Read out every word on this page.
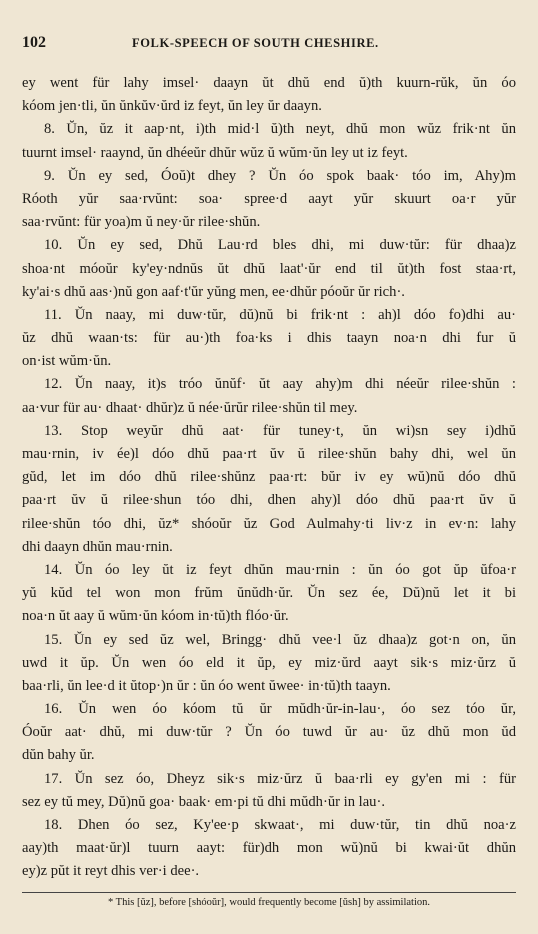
102	FOLK-SPEECH OF SOUTH CHESHIRE.
ey went für lahy imsel· daayn ŭt dhŭ end ŭ)th kuurn-rŭk, ŭn óo
kóom jen·tli, ŭn ŭnkŭv·ŭrd iz feyt, ŭn ley ŭr daayn.
8. Ŭn, ŭz it aap·nt, i)th mid·l ŭ)th neyt, dhŭ mon wŭz frik·nt ŭn
tuurnt imsel· raaynd, ŭn dhéeŭr dhŭr wŭz ŭ wŭm·ŭn ley ut iz feyt.
9. Ŭn ey sed, Óoŭ)t dhey ? Ŭn óo spok baak· tóo im, Ahy)m
Róoth yŭr saa·rvŭnt: soa· spree·d aayt yŭr skuurt oa·r yŭr
saa·rvŭnt: für yoa)m ŭ ney·ŭr rilee·shŭn.
10. Ŭn ey sed, Dhŭ Lau·rd bles dhi, mi duw·tŭr: für dhaa)z
shoa·nt móoŭr ky'ey·ndnŭs ŭt dhŭ laat'·ŭr end til ŭt)th fost staa·rt,
ky'ai·s dhŭ aas·)nŭ gon aaf·t'ŭr yŭng men, ee·dhŭr póoŭr ŭr rich·.
11. Ŭn naay, mi duw·tŭr, dŭ)nŭ bi frik·nt : ah)l dóo fo)dhi au·
ŭz dhŭ waan·ts: für au·)th foa·ks i dhis taayn noa·n dhi fur ŭ
on·ist wŭm·ŭn.
12. Ŭn naay, it)s tróo ŭnŭf· ŭt aay ahy)m dhi néeŭr rilee·shŭn :
aa·vur für au· dhaat· dhŭr)z ŭ née·ŭrŭr rilee·shŭn til mey.
13. Stop weyŭr dhŭ aat· für tuney·t, ŭn wi)sn sey i)dhŭ
mau·rnin, iv ée)l dóo dhŭ paa·rt ŭv ŭ rilee·shŭn bahy dhi, wel ŭn
gŭd, let im dóo dhŭ rilee·shŭnz paa·rt: bŭr iv ey wŭ)nŭ dóo dhŭ
paa·rt ŭv ŭ rilee·shun tóo dhi, dhen ahy)l dóo dhŭ paa·rt ŭv ŭ
rilee·shŭn tóo dhi, ŭz* shóoŭr ŭz God Aulmahy·ti liv·z in ev·n: lahy
dhi daayn dhŭn mau·rnin.
14. Ŭn óo ley ŭt iz feyt dhŭn mau·rnin : ŭn óo got ŭp ŭfoa·r
yŭ kŭd tel won mon frŭm ŭnŭdh·ŭr. Ŭn sez ée, Dŭ)nŭ let it bi
noa·n ŭt aay ŭ wŭm·ŭn kóom in·tŭ)th flóo·ŭr.
15. Ŭn ey sed ŭz wel, Bringg· dhŭ vee·l ŭz dhaa)z got·n on, ŭn
uwd it ŭp. Ŭn wen óo eld it ŭp, ey miz·ŭrd aayt sik·s miz·ŭrz ŭ
baa·rli, ŭn lee·d it ŭtop·)n ŭr : ŭn óo went ŭwee· in·tŭ)th taayn.
16. Ŭn wen óo kóom tŭ ŭr mŭdh·ŭr-in-lau·, óo sez tóo ŭr,
Óoŭr aat· dhŭ, mi duw·tŭr ? Ŭn óo tuwd ŭr au· ŭz dhŭ mon ŭd
dŭn bahy ŭr.
17. Ŭn sez óo, Dheyz sik·s miz·ŭrz ŭ baa·rli ey gy'en mi : für
sez ey tŭ mey, Dŭ)nŭ goa· baak· em·pi tŭ dhi mŭdh·ŭr in lau·.
18. Dhen óo sez, Ky'ee·p skwaat·, mi duw·tŭr, tin dhŭ noa·z
aay)th maat·ŭr)l tuurn aayt: für)dh mon wŭ)nŭ bi kwai·ŭt dhŭn
ey)z pŭt it reyt dhis ver·i dee·.
* This [ŭz], before [shóoŭr], would frequently become [ŭsh] by assimilation.
